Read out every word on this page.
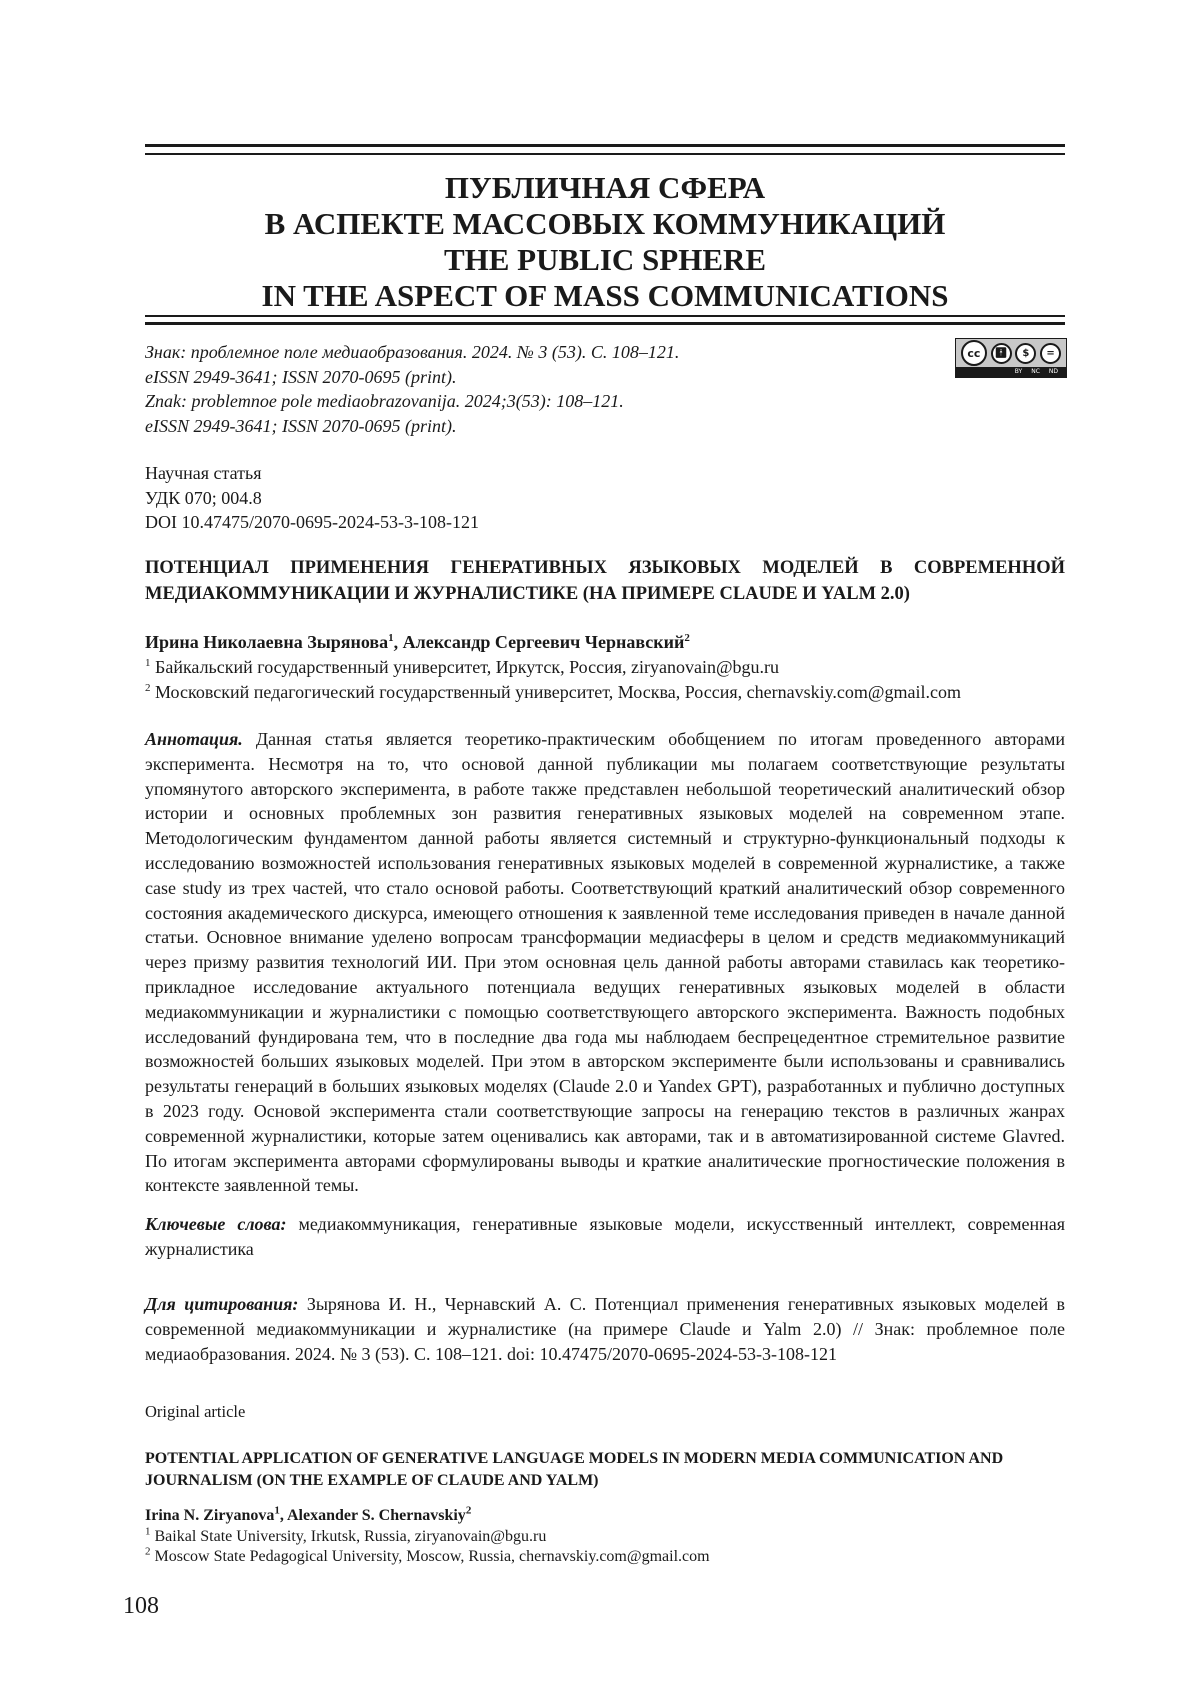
ПУБЛИЧНАЯ СФЕРА
В АСПЕКТЕ МАССОВЫХ КОММУНИКАЦИЙ
THE PUBLIC SPHERE
IN THE ASPECT OF MASS COMMUNICATIONS
Знак: проблемное поле медиаобразования. 2024. № 3 (53). С. 108–121.
eISSN 2949-3641; ISSN 2070-0695 (print).
Znak: problemnoe pole mediaobrazovanija. 2024;3(53): 108–121.
eISSN 2949-3641; ISSN 2070-0695 (print).
cc	🚹︎	$	=
BY NC ND
Научная статья
УДК 070; 004.8
DOI 10.47475/2070-0695-2024-53-3-108-121
ПОТЕНЦИАЛ ПРИМЕНЕНИЯ ГЕНЕРАТИВНЫХ ЯЗЫКОВЫХ МОДЕЛЕЙ В СОВРЕМЕННОЙ МЕДИАКОММУНИКАЦИИ И ЖУРНАЛИСТИКЕ (НА ПРИМЕРЕ CLAUDE И YALM 2.0)
Ирина Николаевна Зырянова$^1$, Александр Сергеевич Чернавский$^2$
$^1$ Байкальский государственный университет, Иркутск, Россия, ziryanovain@bgu.ru
$^2$ Московский педагогический государственный университет, Москва, Россия, chernavskiy.com@gmail.com
Аннотация. Данная статья является теоретико-практическим обобщением по итогам проведенного авторами эксперимента. Несмотря на то, что основой данной публикации мы полагаем соответствующие результаты упомянутого авторского эксперимента, в работе также представлен небольшой теоретический аналитический обзор истории и основных проблемных зон развития генеративных языковых моделей на современном этапе. Методологическим фундаментом данной работы является системный и структурно-функциональный подходы к исследованию возможностей использования генеративных языковых моделей в современной журналистике, а также case study из трех частей, что стало основой работы. Соответствующий краткий аналитический обзор современного состояния академического дискурса, имеющего отношения к заявленной теме исследования приведен в начале данной статьи. Основное внимание уделено вопросам трансформации медиасферы в целом и средств медиакоммуникаций через призму развития технологий ИИ. При этом основная цель данной работы авторами ставилась как теоретико-прикладное исследование актуального потенциала ведущих генеративных языковых моделей в области медиакоммуникации и журналистики с помощью соответствующего авторского эксперимента. Важность подобных исследований фундирована тем, что в последние два года мы наблюдаем беспрецедентное стремительное развитие возможностей больших языковых моделей. При этом в авторском эксперименте были использованы и сравнивались результаты генераций в больших языковых моделях (Claude 2.0 и Yandex GPT), разработанных и публично доступных в 2023 году. Основой эксперимента стали соответствующие запросы на генерацию текстов в различных жанрах современной журналистики, которые затем оценивались как авторами, так и в автоматизированной системе Glavred. По итогам эксперимента авторами сформулированы выводы и краткие аналитические прогностические положения в контексте заявленной темы.
Ключевые слова: медиакоммуникация, генеративные языковые модели, искусственный интеллект, современная журналистика
Для цитирования: Зырянова И. Н., Чернавский А. С. Потенциал применения генеративных языковых моделей в современной медиакоммуникации и журналистике (на примере Claude и Yalm 2.0) // Знак: проблемное поле медиаобразования. 2024. № 3 (53). С. 108–121. doi: 10.47475/2070-0695-2024-53-3-108-121
Original article
POTENTIAL APPLICATION OF GENERATIVE LANGUAGE MODELS IN MODERN MEDIA COMMUNICATION AND JOURNALISM (ON THE EXAMPLE OF CLAUDE AND YALM)
Irina N. Ziryanova$^1$, Alexander S. Chernavskiy$^2$
$^1$ Baikal State University, Irkutsk, Russia, ziryanovain@bgu.ru
$^2$ Moscow State Pedagogical University, Moscow, Russia, chernavskiy.com@gmail.com
108
